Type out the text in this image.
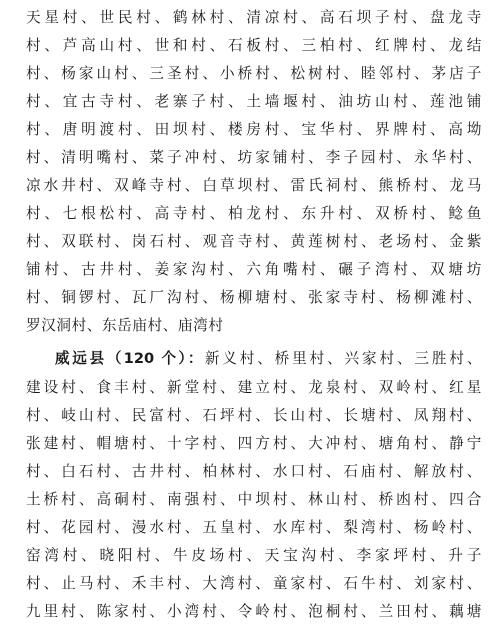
天星村、世民村、鹤林村、清凉村、高石坝子村、盘龙寺
村、芦高山村、世和村、石板村、三柏村、红牌村、龙结
村、杨家山村、三圣村、小桥村、松树村、睦邻村、茅店子
村、宜古寺村、老寨子村、土墙堰村、油坊山村、莲池铺
村、唐明渡村、田坝村、楼房村、宝华村、界牌村、高坳
村、清明嘴村、菜子冲村、坊家铺村、李子园村、永华村、
凉水井村、双峰寺村、白草坝村、雷氏祠村、熊桥村、龙马
村、七根松村、高寺村、柏龙村、东升村、双桥村、鲶鱼
村、双联村、岗石村、观音寺村、黄莲树村、老场村、金紫
铺村、古井村、姜家沟村、六角嘴村、碾子湾村、双塘坊
村、铜锣村、瓦厂沟村、杨柳塘村、张家寺村、杨柳滩村、
罗汉洞村、东岳庙村、庙湾村
威远县（120 个）：新义村、桥里村、兴家村、三胜村、
建设村、食丰村、新堂村、建立村、龙泉村、双岭村、红星
村、岐山村、民富村、石坪村、长山村、长塘村、凤翔村、
张建村、帽塘村、十字村、四方村、大冲村、塘角村、静宁
村、白石村、古井村、柏林村、水口村、石庙村、解放村、
土桥村、高硐村、南强村、中坝村、林山村、桥凼村、四合
村、花园村、漫水村、五皇村、水库村、梨湾村、杨岭村、
窑湾村、晓阳村、牛皮场村、天宝沟村、李家坪村、升子
村、止马村、禾丰村、大湾村、童家村、石牛村、刘家村、
九里村、陈家村、小湾村、令岭村、泡桐村、兰田村、藕塘
